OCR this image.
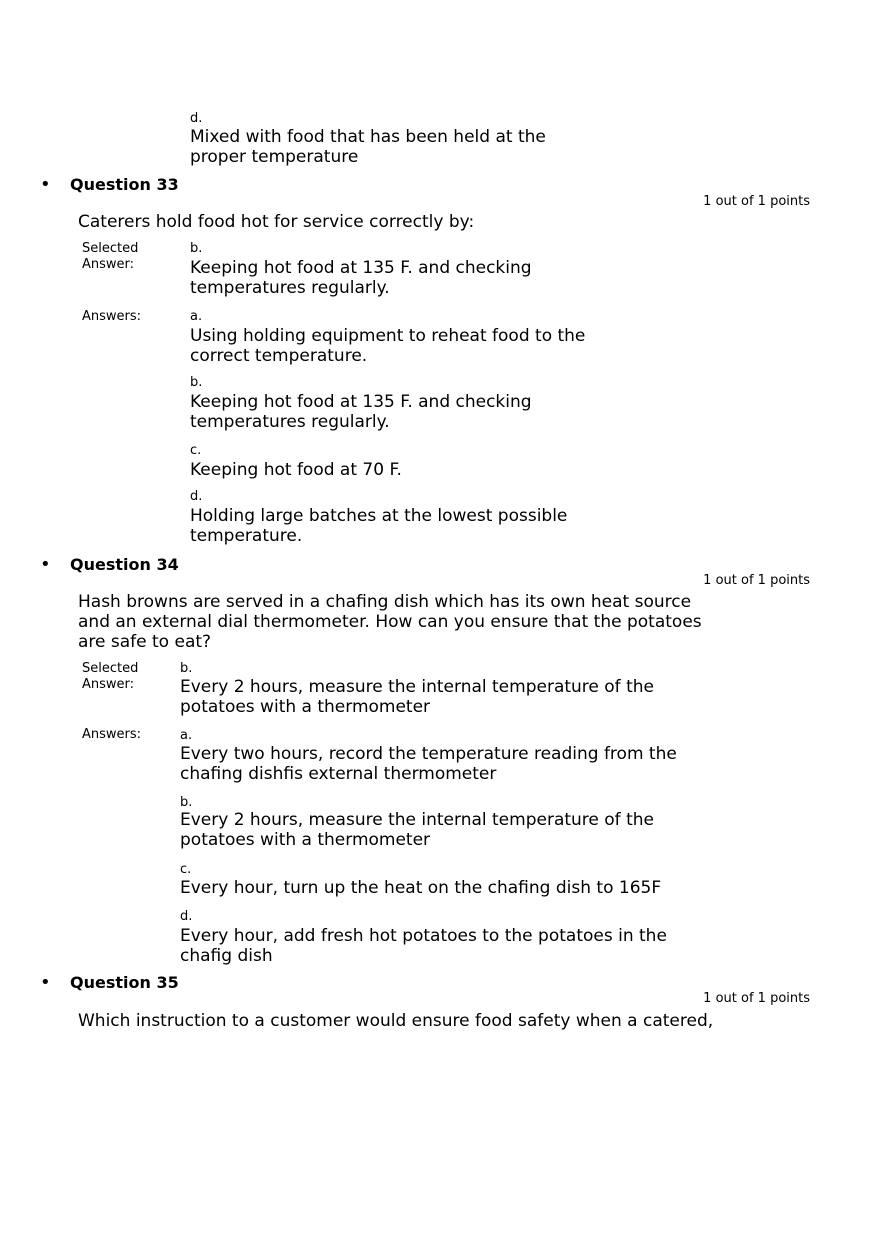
d.
Mixed with food that has been held at the
proper temperature
• Question 33
1 out of 1 points
Caterers hold food hot for service correctly by:
Selected
Answer:
b.
Keeping hot food at 135 F. and checking
temperatures regularly.
Answers:	a.
Using holding equipment to reheat food to the
correct temperature.
b.
Keeping hot food at 135 F. and checking
temperatures regularly.
c.
Keeping hot food at 70 F.
d.
Holding large batches at the lowest possible
temperature.
• Question 34
1 out of 1 points
Hash browns are served in a chafing dish which has its own heat source
and an external dial thermometer. How can you ensure that the potatoes
are safe to eat?
Selected
Answer:
b.
Every 2 hours, measure the internal temperature of the
potatoes with a thermometer
Answers:	a.
Every two hours, record the temperature reading from the
chafing dishfis external thermometer
b.
Every 2 hours, measure the internal temperature of the
potatoes with a thermometer
c.
Every hour, turn up the heat on the chafing dish to 165F
d.
Every hour, add fresh hot potatoes to the potatoes in the
chafig dish
• Question 35
1 out of 1 points
Which instruction to a customer would ensure food safety when a catered,
